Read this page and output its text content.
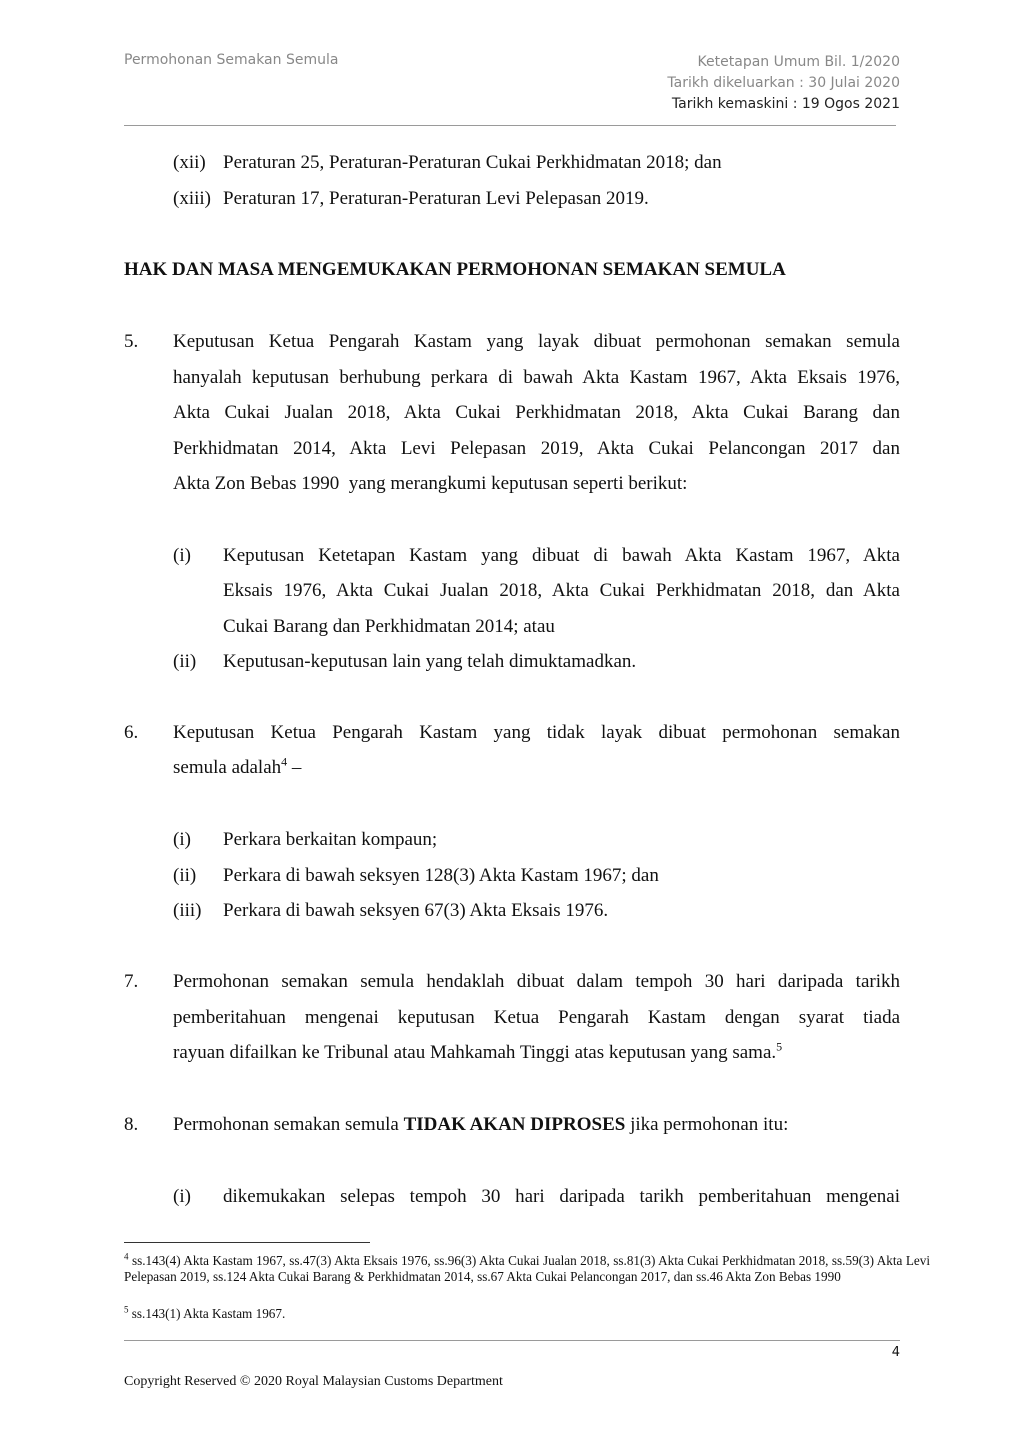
Permohonan Semakan Semula	Ketetapan Umum Bil. 1/2020
Tarikh dikeluarkan : 30 Julai 2020
Tarikh kemaskini : 19 Ogos 2021
(xii) Peraturan 25, Peraturan-Peraturan Cukai Perkhidmatan 2018; dan
(xiii) Peraturan 17, Peraturan-Peraturan Levi Pelepasan 2019.
HAK DAN MASA MENGEMUKAKAN PERMOHONAN SEMAKAN SEMULA
5. Keputusan Ketua Pengarah Kastam yang layak dibuat permohonan semakan semula
hanyalah keputusan berhubung perkara di bawah Akta Kastam 1967, Akta Eksais 1976,
Akta Cukai Jualan 2018, Akta Cukai Perkhidmatan 2018, Akta Cukai Barang dan
Perkhidmatan 2014, Akta Levi Pelepasan 2019, Akta Cukai Pelancongan 2017 dan
Akta Zon Bebas 1990  yang merangkumi keputusan seperti berikut:
(i) Keputusan Ketetapan Kastam yang dibuat di bawah Akta Kastam 1967, Akta
Eksais 1976, Akta Cukai Jualan 2018, Akta Cukai Perkhidmatan 2018, dan Akta
Cukai Barang dan Perkhidmatan 2014; atau
(ii) Keputusan-keputusan lain yang telah dimuktamadkan.
6. Keputusan Ketua Pengarah Kastam yang tidak layak dibuat permohonan semakan
semula adalah$^4$ –
(i) Perkara berkaitan kompaun;
(ii) Perkara di bawah seksyen 128(3) Akta Kastam 1967; dan
(iii) Perkara di bawah seksyen 67(3) Akta Eksais 1976.
7. Permohonan semakan semula hendaklah dibuat dalam tempoh 30 hari daripada tarikh
pemberitahuan mengenai keputusan Ketua Pengarah Kastam dengan syarat tiada
rayuan difailkan ke Tribunal atau Mahkamah Tinggi atas keputusan yang sama.$^5$
8. Permohonan semakan semula TIDAK AKAN DIPROSES jika permohonan itu:
(i) dikemukakan selepas tempoh 30 hari daripada tarikh pemberitahuan mengenai
$^4$ ss.143(4) Akta Kastam 1967, ss.47(3) Akta Eksais 1976, ss.96(3) Akta Cukai Jualan 2018, ss.81(3) Akta Cukai Perkhidmatan 2018, ss.59(3) Akta Levi Pelepasan 2019, ss.124 Akta Cukai Barang & Perkhidmatan 2014, ss.67 Akta Cukai Pelancongan 2017, dan ss.46 Akta Zon Bebas 1990
$^5$ ss.143(1) Akta Kastam 1967.
4
Copyright Reserved © 2020 Royal Malaysian Customs Department
